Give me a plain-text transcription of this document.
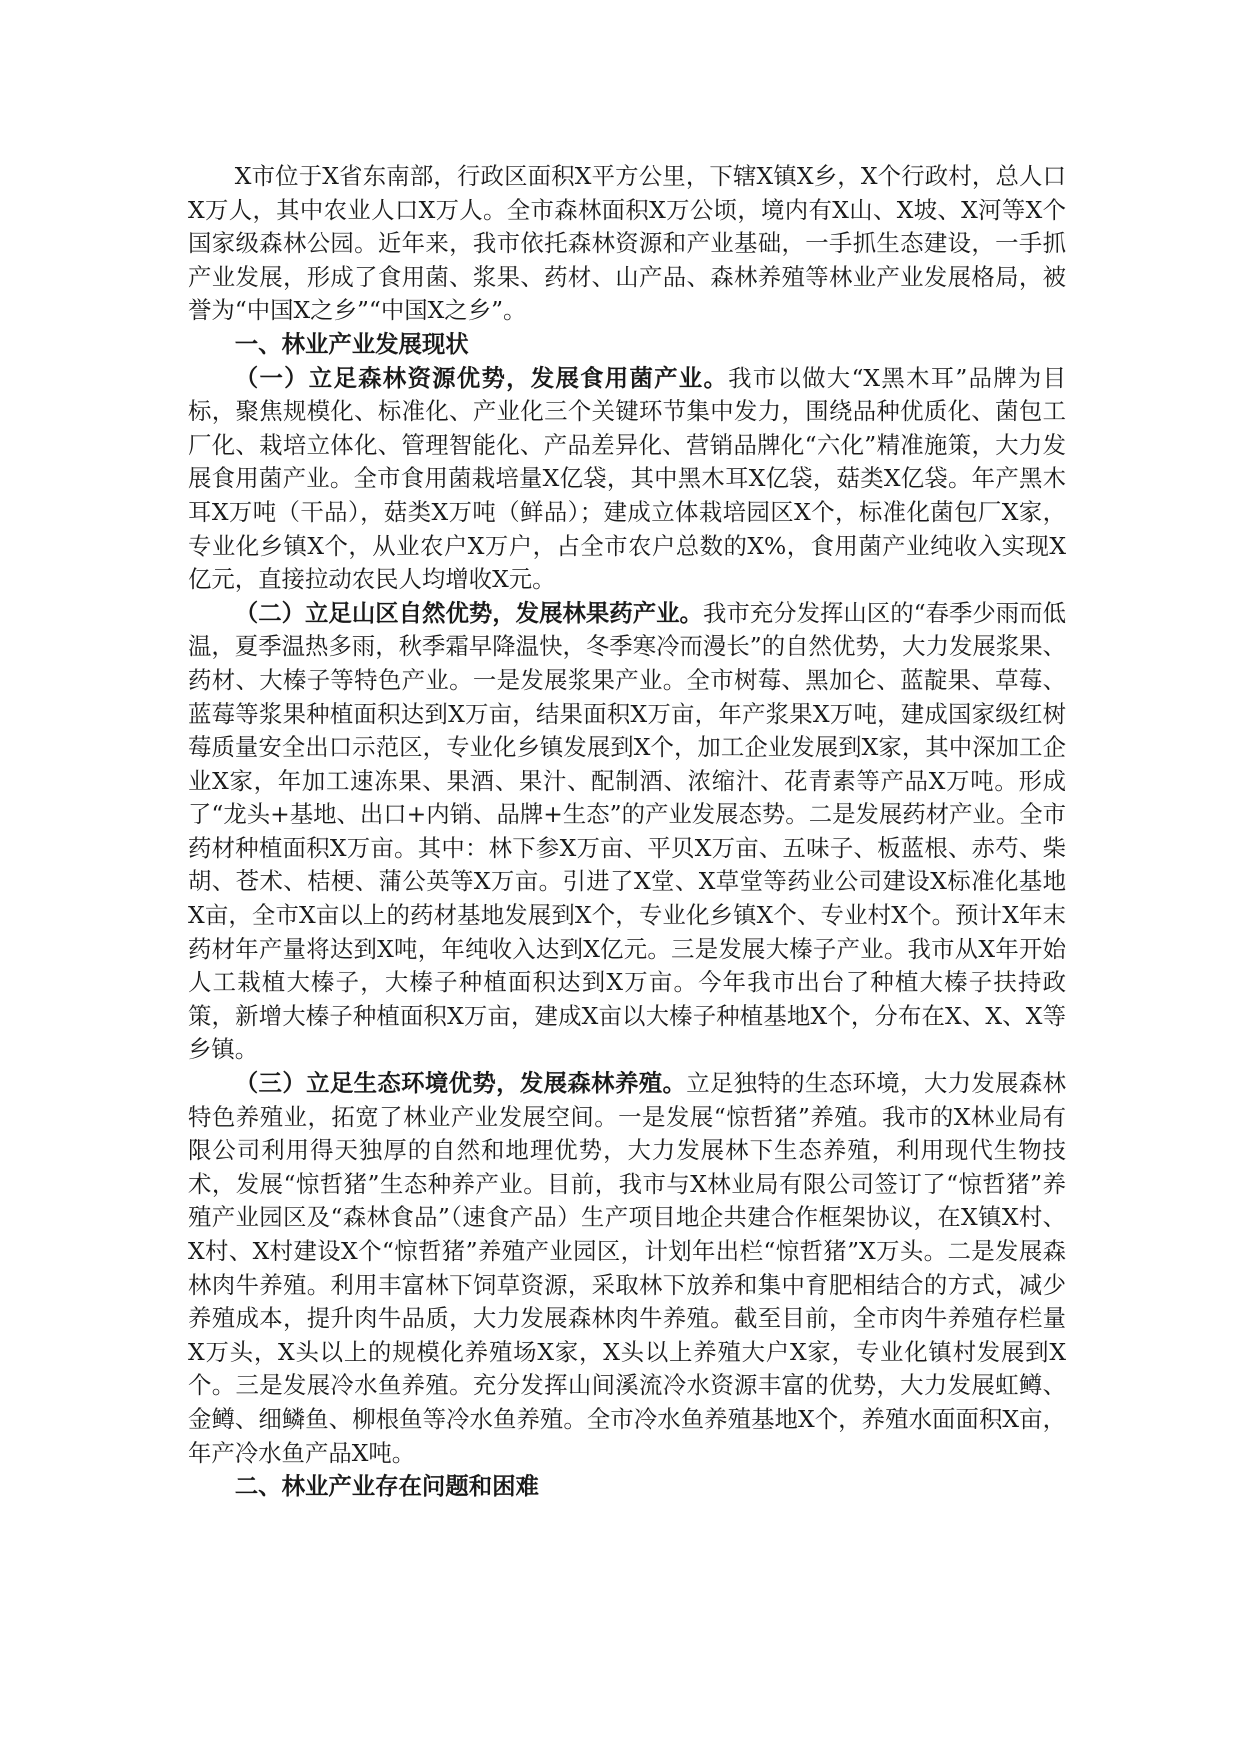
X市位于X省东南部，行政区面积X平方公里，下辖X镇X乡，X个行政村，总人口X万人，其中农业人口X万人。全市森林面积X万公顷，境内有X山、X坡、X河等X个国家级森林公园。近年来，我市依托森林资源和产业基础，一手抓生态建设，一手抓产业发展，形成了食用菌、浆果、药材、山产品、森林养殖等林业产业发展格局，被誉为“中国X之乡”“中国X之乡”。

一、林业产业发展现状

（一）立足森林资源优势，发展食用菌产业。我市以做大“X黑木耳”品牌为目标，聚焦规模化、标准化、产业化三个关键环节集中发力，围绕品种优质化、菌包工厂化、栽培立体化、管理智能化、产品差异化、营销品牌化“六化”精准施策，大力发展食用菌产业。全市食用菌栽培量X亿袋，其中黑木耳X亿袋，菇类X亿袋。年产黑木耳X万吨（干品），菇类X万吨（鲜品）；建成立体栽培园区X个，标准化菌包厂X家，专业化乡镇X个，从业农户X万户，占全市农户总数的X%，食用菌产业纯收入实现X亿元，直接拉动农民人均增收X元。

（二）立足山区自然优势，发展林果药产业。我市充分发挥山区的“春季少雨而低温，夏季温热多雨，秋季霜早降温快，冬季寒冷而漫长”的自然优势，大力发展浆果、药材、大榛子等特色产业。一是发展浆果产业。全市树莓、黑加仑、蓝靛果、草莓、蓝莓等浆果种植面积达到X万亩，结果面积X万亩，年产浆果X万吨，建成国家级红树莓质量安全出口示范区，专业化乡镇发展到X个，加工企业发展到X家，其中深加工企业X家，年加工速冻果、果酒、果汁、配制酒、浓缩汁、花青素等产品X万吨。形成了“龙头+基地、出口+内销、品牌+生态”的产业发展态势。二是发展药材产业。全市药材种植面积X万亩。其中：林下参X万亩、平贝X万亩、五味子、板蓝根、赤芍、柴胡、苍术、桔梗、蒲公英等X万亩。引进了X堂、X草堂等药业公司建设X标准化基地X亩，全市X亩以上的药材基地发展到X个，专业化乡镇X个、专业村X个。预计X年末药材年产量将达到X吨，年纯收入达到X亿元。三是发展大榛子产业。我市从X年开始人工栽植大榛子，大榛子种植面积达到X万亩。今年我市出台了种植大榛子扶持政策，新增大榛子种植面积X万亩，建成X亩以大榛子种植基地X个，分布在X、X、X等乡镇。

（三）立足生态环境优势，发展森林养殖。立足独特的生态环境，大力发展森林特色养殖业，拓宽了林业产业发展空间。一是发展“惊哲猪”养殖。我市的X林业局有限公司利用得天独厚的自然和地理优势，大力发展林下生态养殖，利用现代生物技术，发展“惊哲猪”生态种养产业。目前，我市与X林业局有限公司签订了“惊哲猪”养殖产业园区及“森林食品”（速食产品）生产项目地企共建合作框架协议，在X镇X村、X村、X村建设X个“惊哲猪”养殖产业园区，计划年出栏“惊哲猪”X万头。二是发展森林肉牛养殖。利用丰富林下饲草资源，采取林下放养和集中育肥相结合的方式，减少养殖成本，提升肉牛品质，大力发展森林肉牛养殖。截至目前，全市肉牛养殖存栏量X万头，X头以上的规模化养殖场X家，X头以上养殖大户X家，专业化镇村发展到X个。三是发展冷水鱼养殖。充分发挥山间溪流冷水资源丰富的优势，大力发展虹鳟、金鳟、细鳞鱼、柳根鱼等冷水鱼养殖。全市冷水鱼养殖基地X个，养殖水面面积X亩，年产冷水鱼产品X吨。

二、林业产业存在问题和困难
